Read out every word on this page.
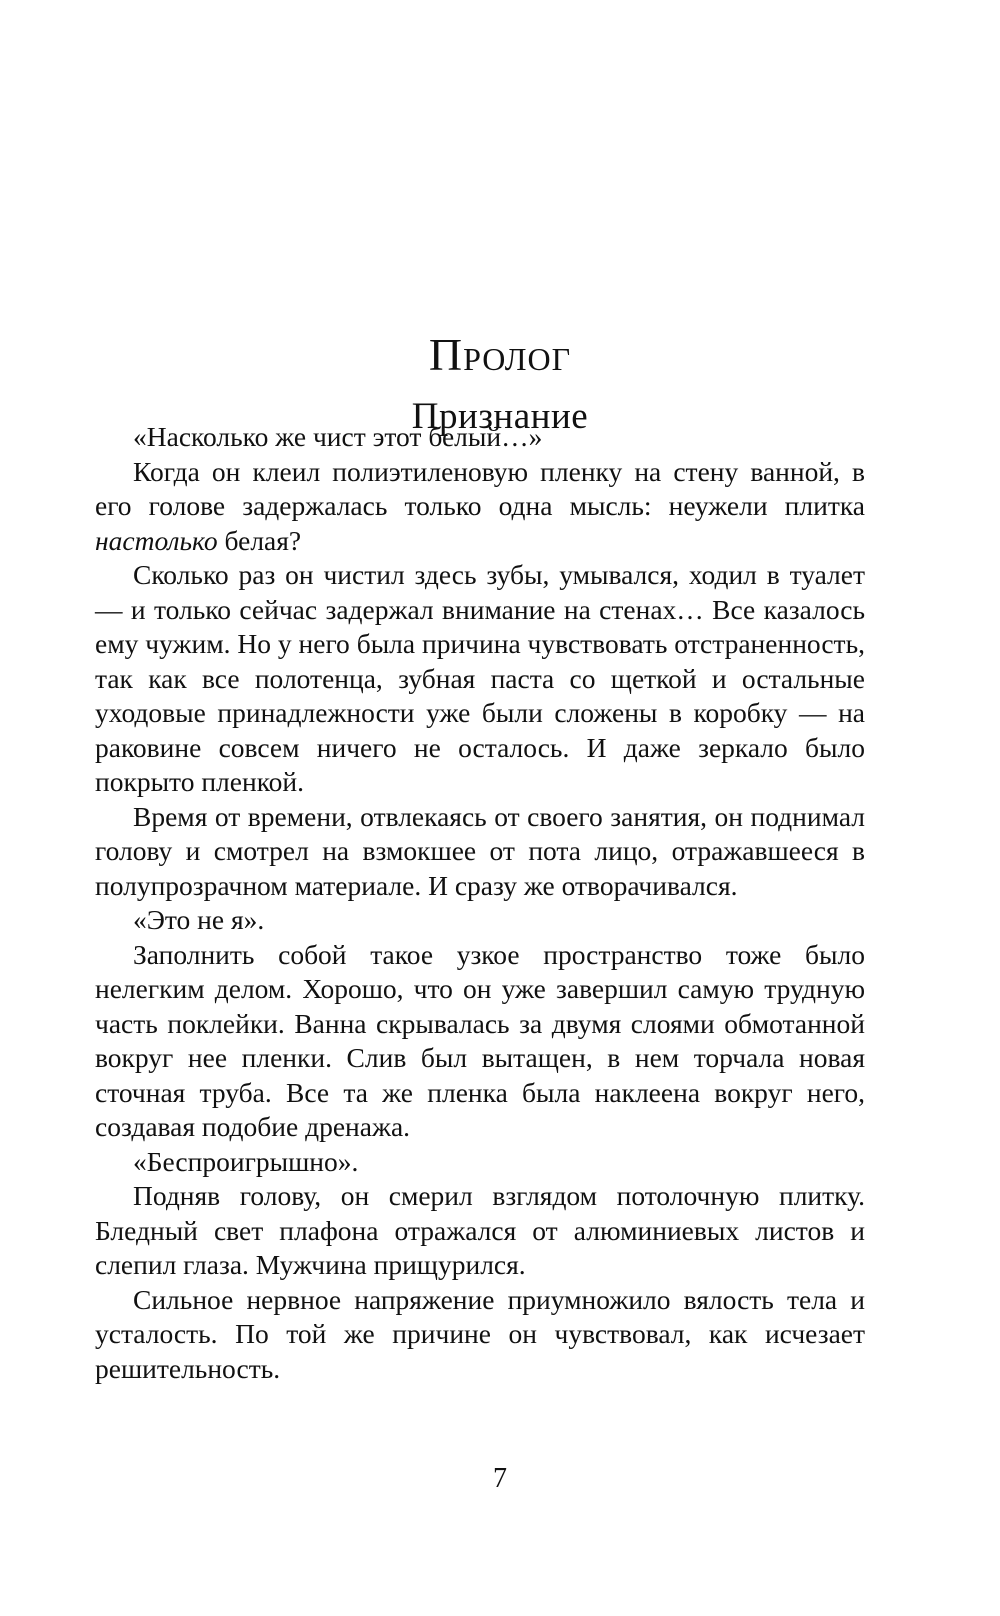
Пролог
Признание

«Насколько же чист этот белый…»

Когда он клеил полиэтиленовую пленку на стену ванной, в его голове задержалась только одна мысль: неужели плитка настолько белая?

Сколько раз он чистил здесь зубы, умывался, ходил в туалет — и только сейчас задержал внимание на стенах… Все казалось ему чужим. Но у него была причина чувствовать отстраненность, так как все полотенца, зубная паста со щеткой и остальные уходовые принадлежности уже были сложены в коробку — на раковине совсем ничего не осталось. И даже зеркало было покрыто пленкой.

Время от времени, отвлекаясь от своего занятия, он поднимал голову и смотрел на взмокшее от пота лицо, отражавшееся в полупрозрачном материале. И сразу же отворачивался.

«Это не я».

Заполнить собой такое узкое пространство тоже было нелегким делом. Хорошо, что он уже завершил самую трудную часть поклейки. Ванна скрывалась за двумя слоями обмотанной вокруг нее пленки. Слив был вытащен, в нем торчала новая сточная труба. Все та же пленка была наклеена вокруг него, создавая подобие дренажа.

«Беспроигрышно».

Подняв голову, он смерил взглядом потолочную плитку. Бледный свет плафона отражался от алюминиевых листов и слепил глаза. Мужчина прищурился.

Сильное нервное напряжение приумножило вялость тела и усталость. По той же причине он чувствовал, как исчезает решительность.

7
